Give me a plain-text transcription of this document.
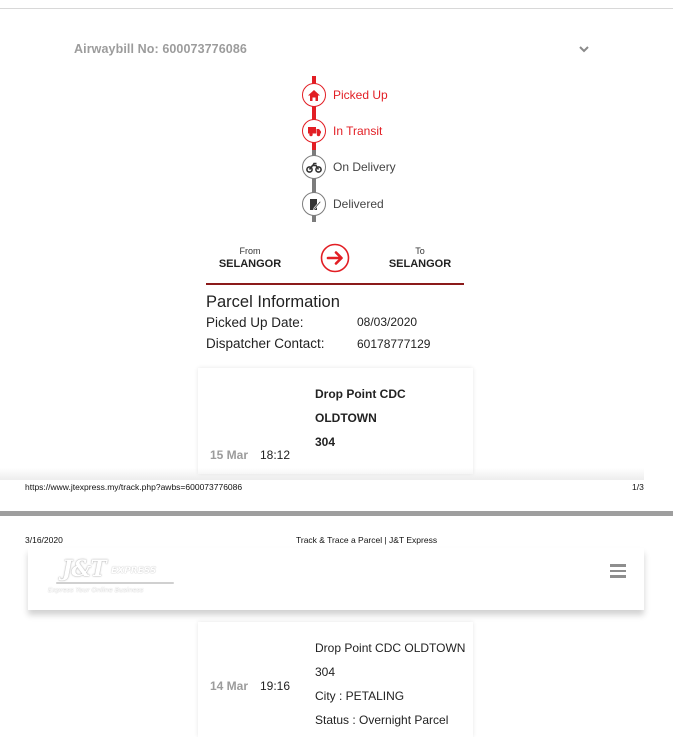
Airwaybill No: 600073776086
Picked Up
In Transit
On Delivery
Delivered
From
SELANGOR
To
SELANGOR
Parcel Information
Picked Up Date:	08/03/2020
Dispatcher Contact:	60178777129
Drop Point CDC OLDTOWN
304
15 Mar 18:12
https://www.jtexpress.my/track.php?awbs=600073776086	1/3
3/16/2020	Track & Trace a Parcel | J&T Express
J&T EXPRESS
Express Your Online Business
Drop Point CDC OLDTOWN
304
City : PETALING
Status : Overnight Parcel
14 Mar 19:16
